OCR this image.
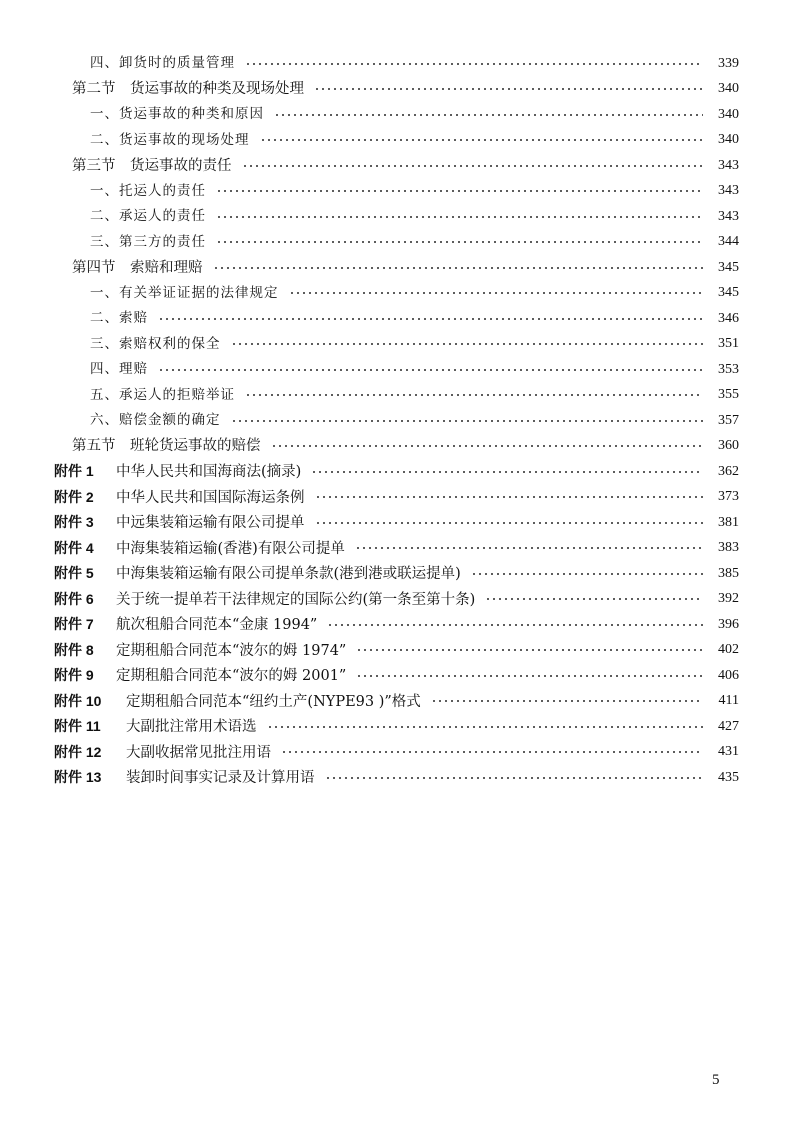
四、卸货时的质量管理	339
第二节　货运事故的种类及现场处理	340
一、货运事故的种类和原因	340
二、货运事故的现场处理	340
第三节　货运事故的责任	343
一、托运人的责任	343
二、承运人的责任	343
三、第三方的责任	344
第四节　索赔和理赔	345
一、有关举证证据的法律规定	345
二、索赔	346
三、索赔权利的保全	351
四、理赔	353
五、承运人的拒赔举证	355
六、赔偿金额的确定	357
第五节　班轮货运事故的赔偿	360
附件 1 中华人民共和国海商法(摘录)	362
附件 2 中华人民共和国国际海运条例	373
附件 3 中远集装箱运输有限公司提单	381
附件 4 中海集装箱运输(香港)有限公司提单	383
附件 5 中海集装箱运输有限公司提单条款(港到港或联运提单)	385
附件 6 关于统一提单若干法律规定的国际公约(第一条至第十条)	392
附件 7 航次租船合同范本“金康 1994”	396
附件 8 定期租船合同范本“波尔的姆 1974”	402
附件 9 定期租船合同范本“波尔的姆 2001”	406
附件 10 定期租船合同范本“纽约土产(NYPE93 )”格式	411
附件 11 大副批注常用术语选	427
附件 12 大副收据常见批注用语	431
附件 13 装卸时间事实记录及计算用语	435
5
